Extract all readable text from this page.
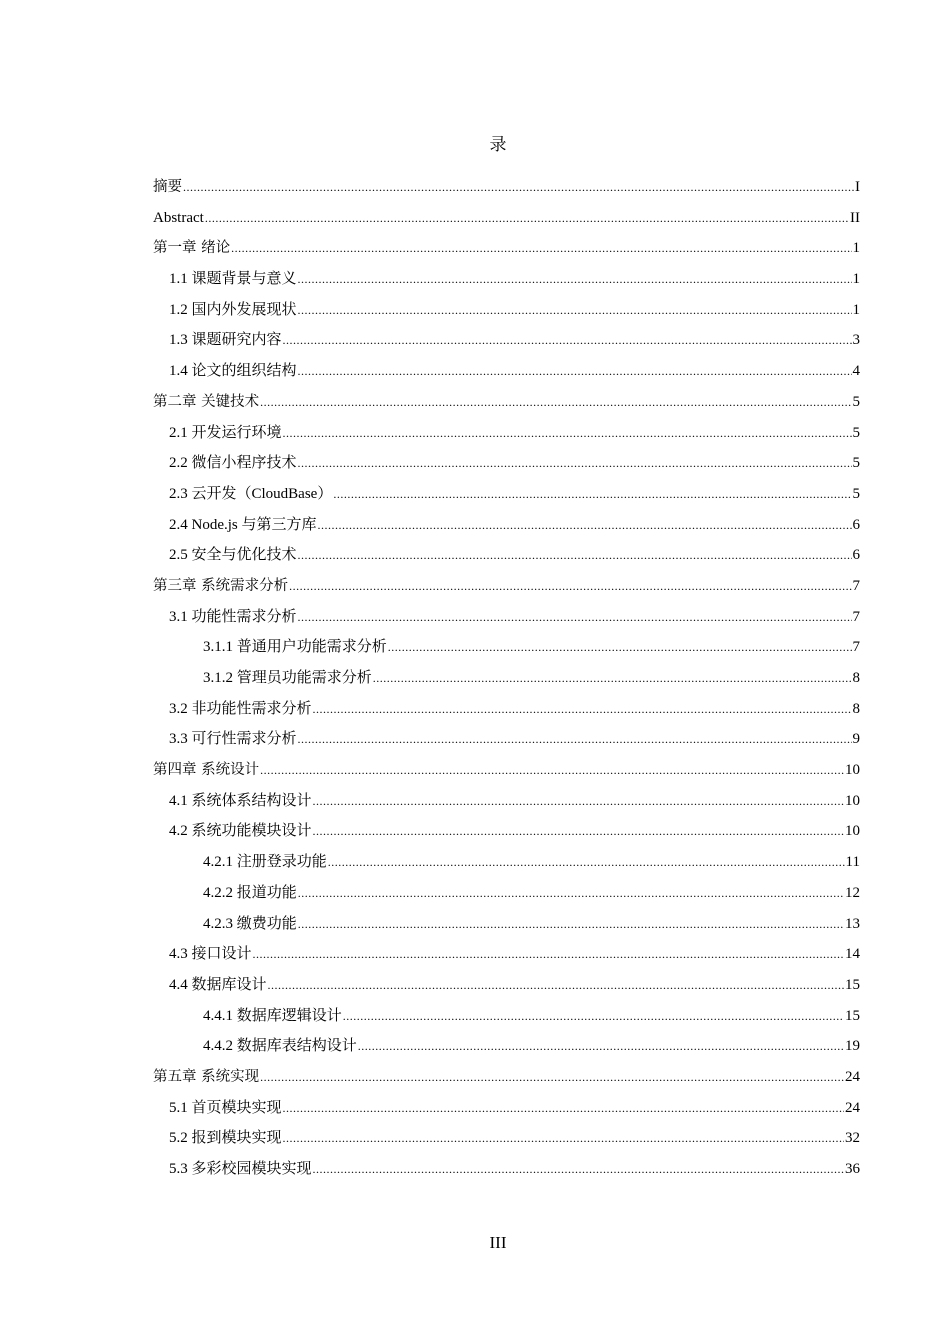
录
摘要 .....	I
Abstract .....	II
第一章 绪论 .....	1
1.1 课题背景与意义 .....	1
1.2 国内外发展现状 .....	1
1.3 课题研究内容 .....	3
1.4 论文的组织结构 .....	4
第二章 关键技术 .....	5
2.1 开发运行环境 .....	5
2.2 微信小程序技术 .....	5
2.3 云开发（CloudBase） .....	5
2.4 Node.js 与第三方库 .....	6
2.5 安全与优化技术 .....	6
第三章 系统需求分析 .....	7
3.1 功能性需求分析 .....	7
3.1.1 普通用户功能需求分析 .....	7
3.1.2 管理员功能需求分析 .....	8
3.2 非功能性需求分析 .....	8
3.3 可行性需求分析 .....	9
第四章 系统设计 .....	10
4.1 系统体系结构设计 .....	10
4.2 系统功能模块设计 .....	10
4.2.1 注册登录功能 .....	11
4.2.2 报道功能 .....	12
4.2.3 缴费功能 .....	13
4.3 接口设计 .....	14
4.4 数据库设计 .....	15
4.4.1 数据库逻辑设计 .....	15
4.4.2 数据库表结构设计 .....	19
第五章 系统实现 .....	24
5.1 首页模块实现 .....	24
5.2 报到模块实现 .....	32
5.3 多彩校园模块实现 .....	36
III
